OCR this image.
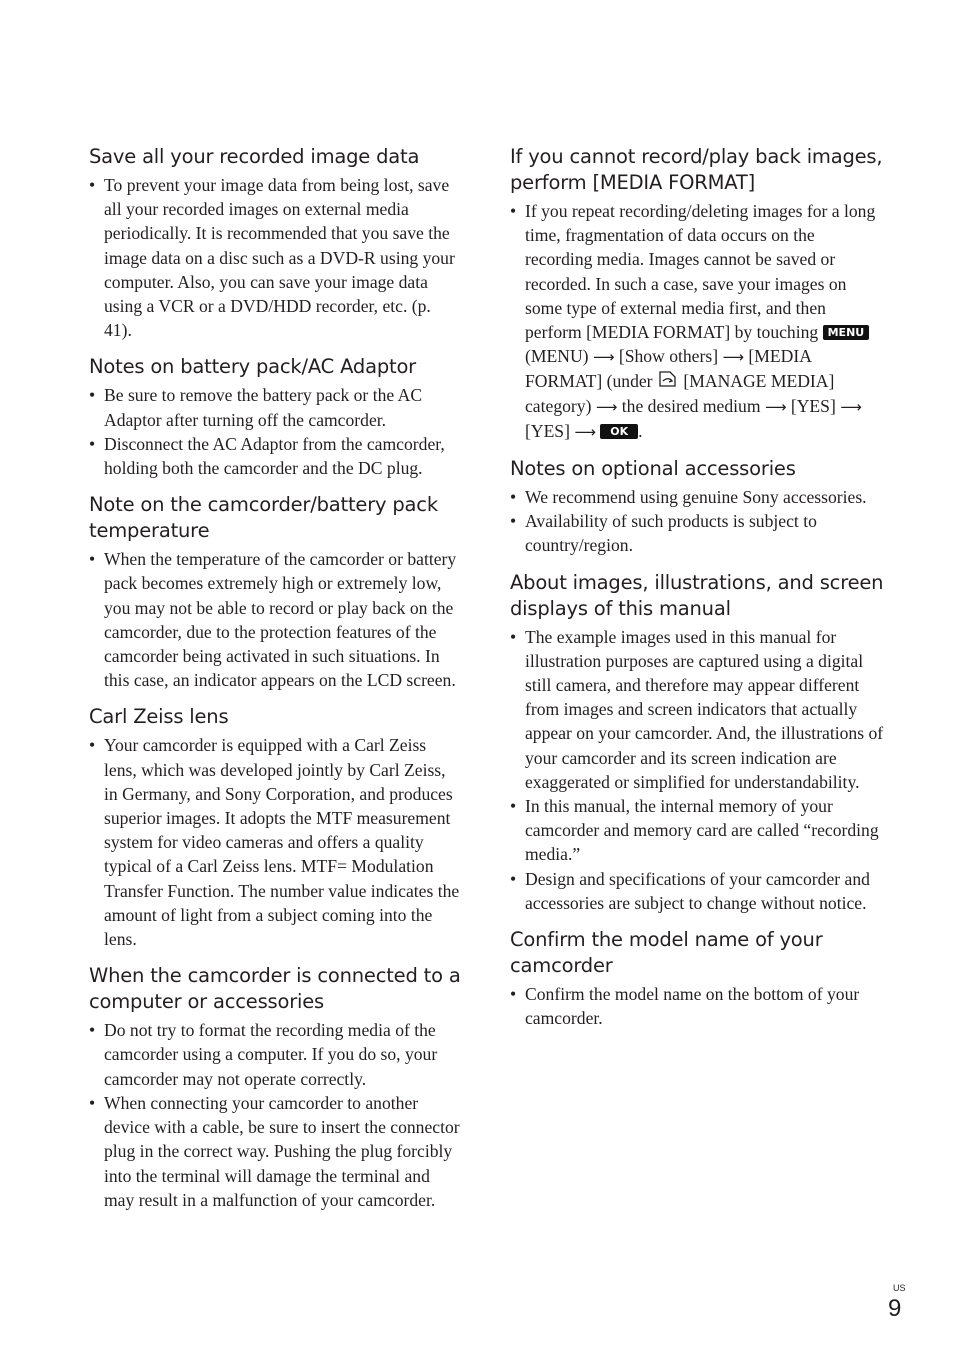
Save all your recorded image data
• To prevent your image data from being lost, save all your recorded images on external media periodically. It is recommended that you save the image data on a disc such as a DVD-R using your computer. Also, you can save your image data using a VCR or a DVD/HDD recorder, etc. (p. 41).
Notes on battery pack/AC Adaptor
• Be sure to remove the battery pack or the AC Adaptor after turning off the camcorder.
• Disconnect the AC Adaptor from the camcorder, holding both the camcorder and the DC plug.
Note on the camcorder/battery pack temperature
• When the temperature of the camcorder or battery pack becomes extremely high or extremely low, you may not be able to record or play back on the camcorder, due to the protection features of the camcorder being activated in such situations. In this case, an indicator appears on the LCD screen.
Carl Zeiss lens
• Your camcorder is equipped with a Carl Zeiss lens, which was developed jointly by Carl Zeiss, in Germany, and Sony Corporation, and produces superior images. It adopts the MTF measurement system for video cameras and offers a quality typical of a Carl Zeiss lens. MTF= Modulation Transfer Function. The number value indicates the amount of light from a subject coming into the lens.
When the camcorder is connected to a computer or accessories
• Do not try to format the recording media of the camcorder using a computer. If you do so, your camcorder may not operate correctly.
• When connecting your camcorder to another device with a cable, be sure to insert the connector plug in the correct way. Pushing the plug forcibly into the terminal will damage the terminal and may result in a malfunction of your camcorder.
If you cannot record/play back images, perform [MEDIA FORMAT]
• If you repeat recording/deleting images for a long time, fragmentation of data occurs on the recording media. Images cannot be saved or recorded. In such a case, save your images on some type of external media first, and then perform [MEDIA FORMAT] by touching MENU (MENU) ⟶ [Show others] ⟶ [MEDIA FORMAT] (under [MANAGE MEDIA] category) ⟶ the desired medium ⟶ [YES] ⟶ [YES] ⟶ OK .
Notes on optional accessories
• We recommend using genuine Sony accessories.
• Availability of such products is subject to country/region.
About images, illustrations, and screen displays of this manual
• The example images used in this manual for illustration purposes are captured using a digital still camera, and therefore may appear different from images and screen indicators that actually appear on your camcorder. And, the illustrations of your camcorder and its screen indication are exaggerated or simplified for understandability.
• In this manual, the internal memory of your camcorder and memory card are called “recording media.”
• Design and specifications of your camcorder and accessories are subject to change without notice.
Confirm the model name of your camcorder
• Confirm the model name on the bottom of your camcorder.
US
9
